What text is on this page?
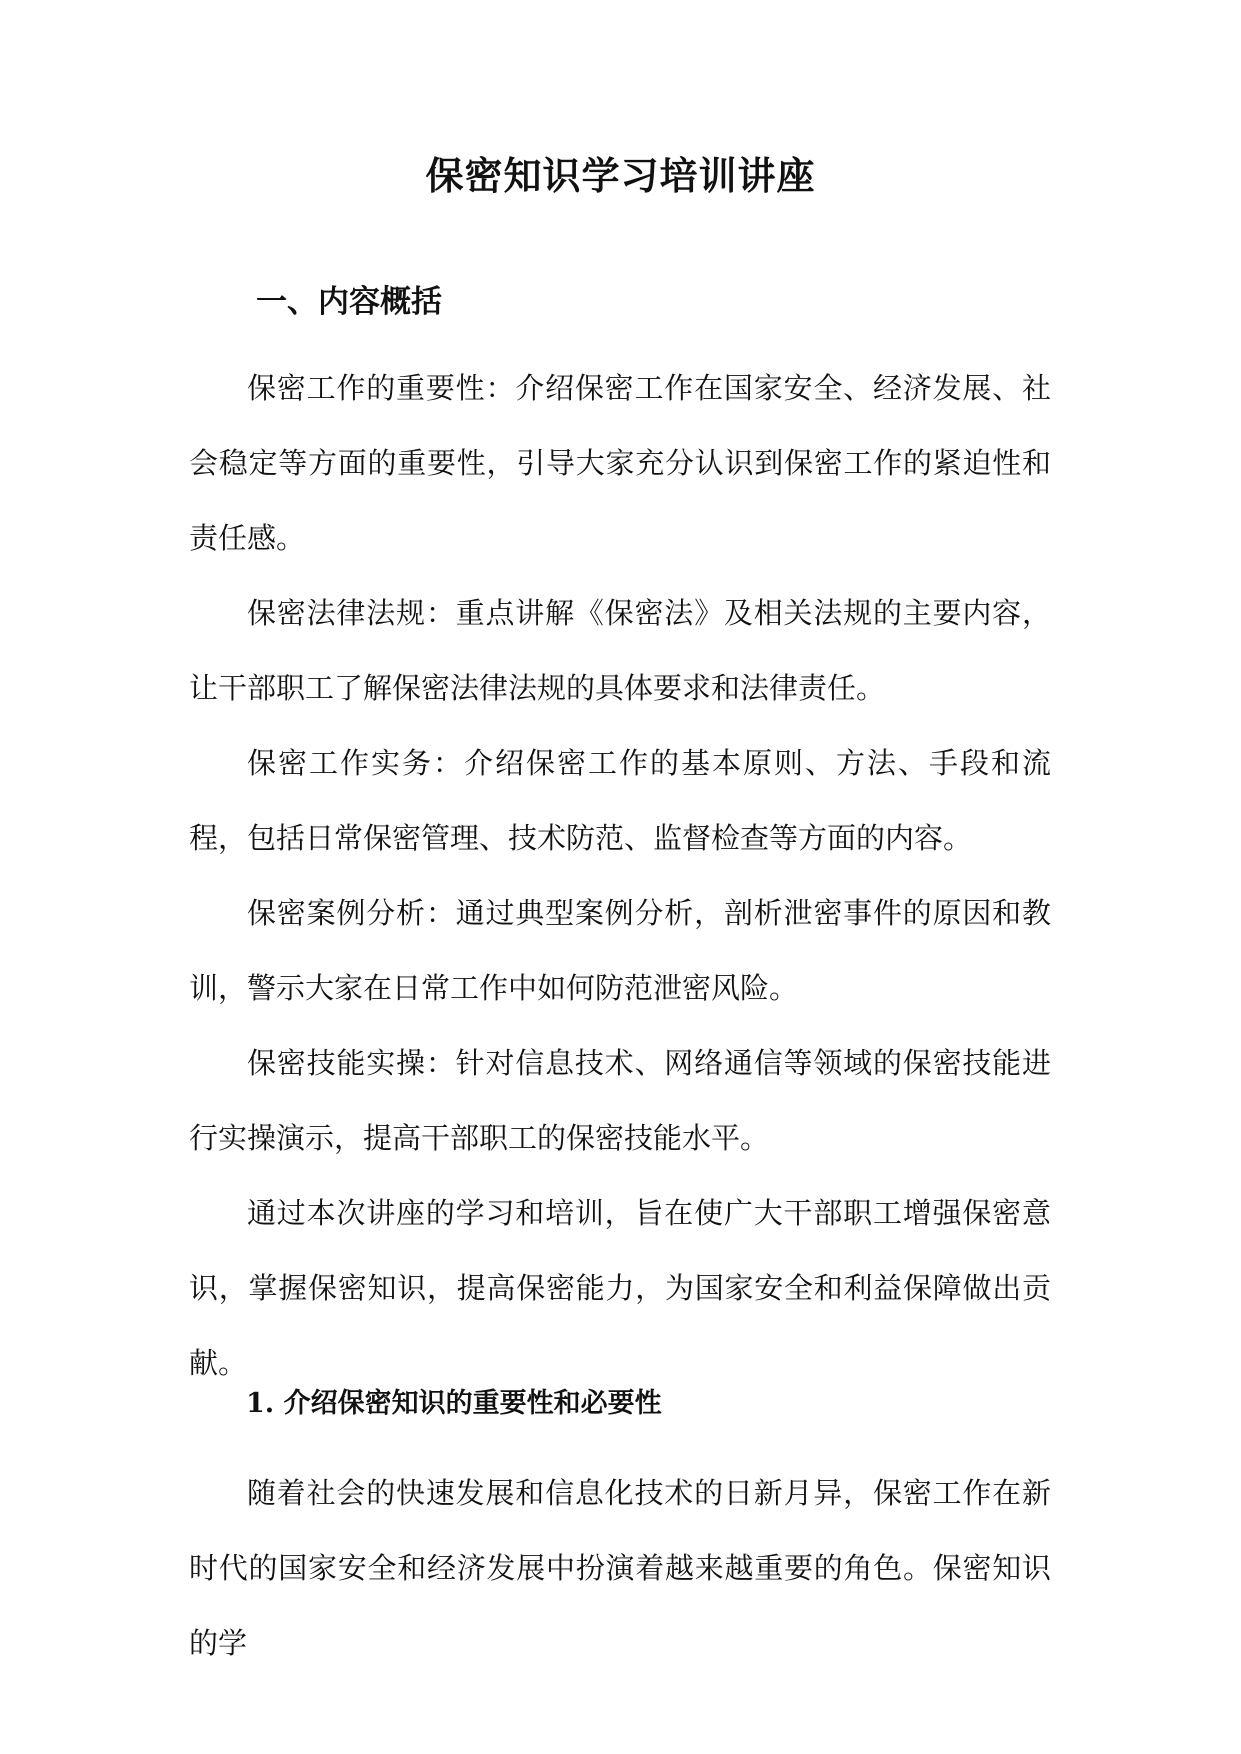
保密知识学习培训讲座
一、内容概括

保密工作的重要性：介绍保密工作在国家安全、经济发展、社会稳定等方面的重要性，引导大家充分认识到保密工作的紧迫性和责任感。

保密法律法规：重点讲解《保密法》及相关法规的主要内容，让干部职工了解保密法律法规的具体要求和法律责任。

保密工作实务：介绍保密工作的基本原则、方法、手段和流程，包括日常保密管理、技术防范、监督检查等方面的内容。

保密案例分析：通过典型案例分析，剖析泄密事件的原因和教训，警示大家在日常工作中如何防范泄密风险。

保密技能实操：针对信息技术、网络通信等领域的保密技能进行实操演示，提高干部职工的保密技能水平。

通过本次讲座的学习和培训，旨在使广大干部职工增强保密意识，掌握保密知识，提高保密能力，为国家安全和利益保障做出贡献。

1. 介绍保密知识的重要性和必要性

随着社会的快速发展和信息化技术的日新月异，保密工作在新时代的国家安全和经济发展中扮演着越来越重要的角色。保密知识的学
